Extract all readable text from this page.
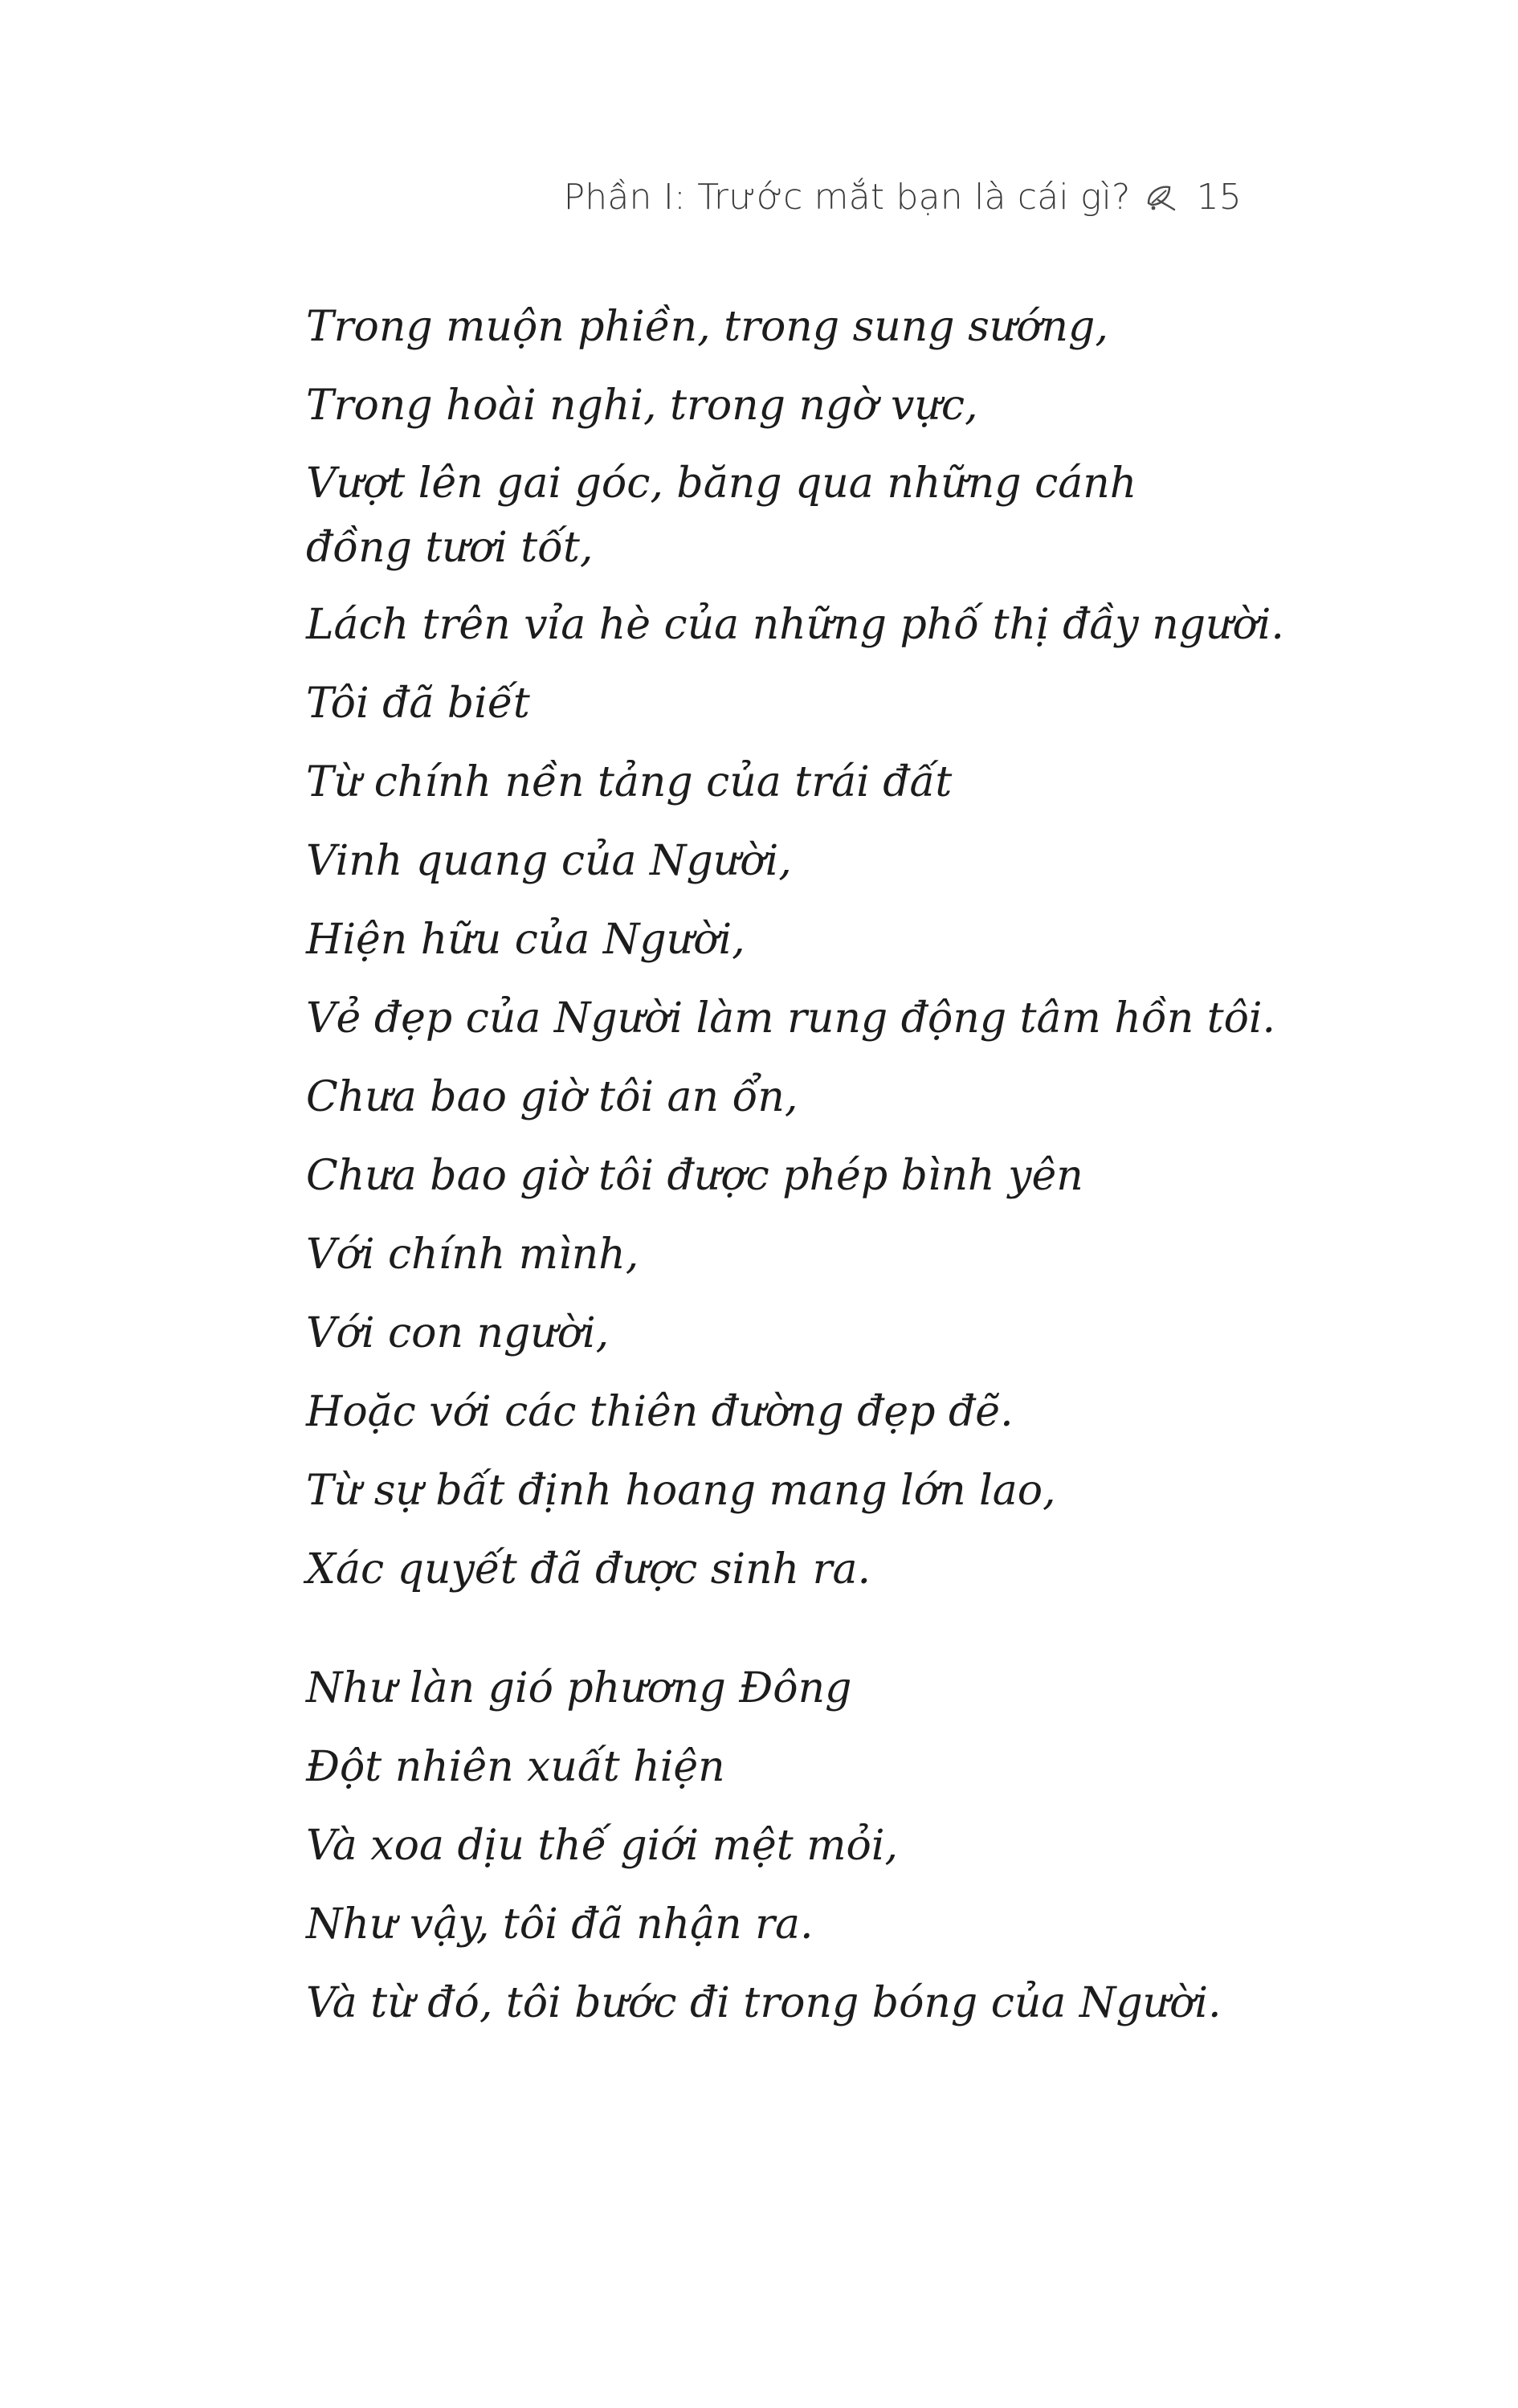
Phần I: Trước mắt bạn là cái gì? 15
Trong muộn phiền, trong sung sướng,
Trong hoài nghi, trong ngờ vực,
Vượt lên gai góc, băng qua những cánh đồng tươi tốt,
Lách trên vỉa hè của những phố thị đầy người.
Tôi đã biết
Từ chính nền tảng của trái đất
Vinh quang của Người,
Hiện hữu của Người,
Vẻ đẹp của Người làm rung động tâm hồn tôi.
Chưa bao giờ tôi an ổn,
Chưa bao giờ tôi được phép bình yên
Với chính mình,
Với con người,
Hoặc với các thiên đường đẹp đẽ.
Từ sự bất định hoang mang lớn lao,
Xác quyết đã được sinh ra.
Như làn gió phương Đông
Đột nhiên xuất hiện
Và xoa dịu thế giới mệt mỏi,
Như vậy, tôi đã nhận ra.
Và từ đó, tôi bước đi trong bóng của Người.
